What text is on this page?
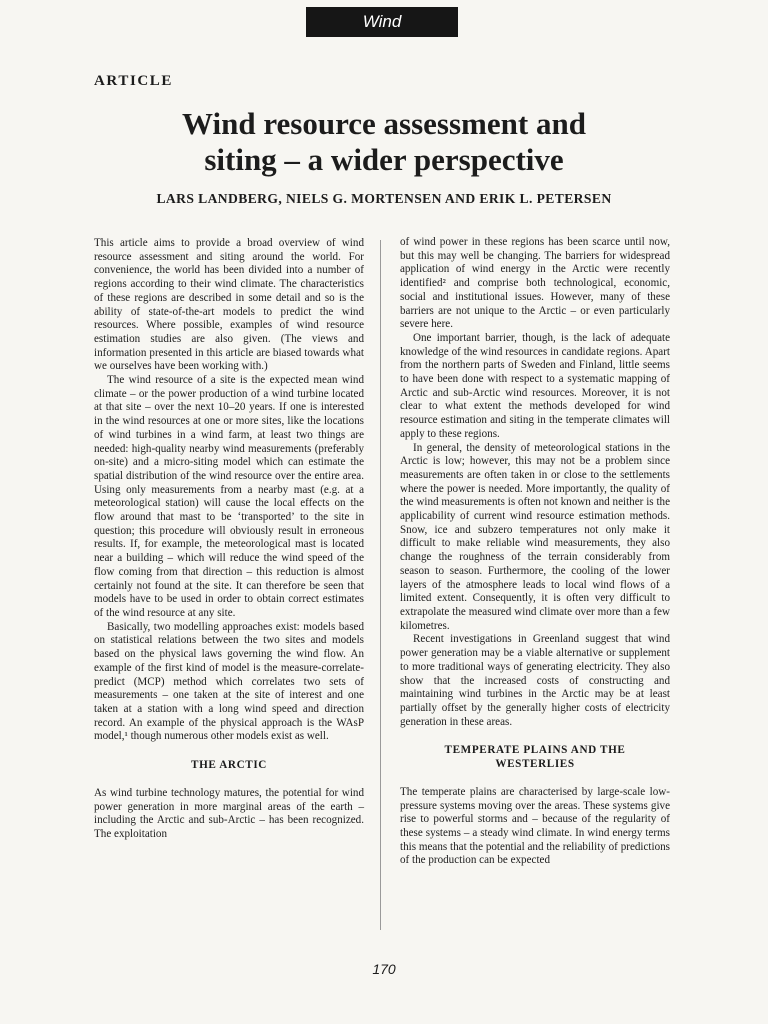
Wind
ARTICLE
Wind resource assessment and
siting – a wider perspective
LARS LANDBERG, NIELS G. MORTENSEN AND ERIK L. PETERSEN

This article aims to provide a broad overview of wind resource assessment and siting around the world. For convenience, the world has been divided into a number of regions according to their wind climate. The characteristics of these regions are described in some detail and so is the ability of state-of-the-art models to predict the wind resources. Where possible, examples of wind resource estimation studies are also given. (The views and information presented in this article are biased towards what we ourselves have been working with.)

The wind resource of a site is the expected mean wind climate – or the power production of a wind turbine located at that site – over the next 10–20 years. If one is interested in the wind resources at one or more sites, like the locations of wind turbines in a wind farm, at least two things are needed: high-quality nearby wind measurements (preferably on-site) and a micro-siting model which can estimate the spatial distribution of the wind resource over the entire area. Using only measurements from a nearby mast (e.g. at a meteorological station) will cause the local effects on the flow around that mast to be ‘transported’ to the site in question; this procedure will obviously result in erroneous results. If, for example, the meteorological mast is located near a building – which will reduce the wind speed of the flow coming from that direction – this reduction is almost certainly not found at the site. It can therefore be seen that models have to be used in order to obtain correct estimates of the wind resource at any site.

Basically, two modelling approaches exist: models based on statistical relations between the two sites and models based on the physical laws governing the wind flow. An example of the first kind of model is the measure-correlate-predict (MCP) method which correlates two sets of measurements – one taken at the site of interest and one taken at a station with a long wind speed and direction record. An example of the physical approach is the WAsP model,¹ though numerous other models exist as well.

THE ARCTIC

As wind turbine technology matures, the potential for wind power generation in more marginal areas of the earth – including the Arctic and sub-Arctic – has been recognized. The exploitation

of wind power in these regions has been scarce until now, but this may well be changing. The barriers for widespread application of wind energy in the Arctic were recently identified² and comprise both technological, economic, social and institutional issues. However, many of these barriers are not unique to the Arctic – or even particularly severe here.

One important barrier, though, is the lack of adequate knowledge of the wind resources in candidate regions. Apart from the northern parts of Sweden and Finland, little seems to have been done with respect to a systematic mapping of Arctic and sub-Arctic wind resources. Moreover, it is not clear to what extent the methods developed for wind resource estimation and siting in the temperate climates will apply to these regions.

In general, the density of meteorological stations in the Arctic is low; however, this may not be a problem since measurements are often taken in or close to the settlements where the power is needed. More importantly, the quality of the wind measurements is often not known and neither is the applicability of current wind resource estimation methods. Snow, ice and subzero temperatures not only make it difficult to make reliable wind measurements, they also change the roughness of the terrain considerably from season to season. Furthermore, the cooling of the lower layers of the atmosphere leads to local wind flows of a limited extent. Consequently, it is often very difficult to extrapolate the measured wind climate over more than a few kilometres.

Recent investigations in Greenland suggest that wind power generation may be a viable alternative or supplement to more traditional ways of generating electricity. They also show that the increased costs of constructing and maintaining wind turbines in the Arctic may be at least partially offset by the generally higher costs of electricity generation in these areas.

TEMPERATE PLAINS AND THE
WESTERLIES

The temperate plains are characterised by large-scale low-pressure systems moving over the areas. These systems give rise to powerful storms and – because of the regularity of these systems – a steady wind climate. In wind energy terms this means that the potential and the reliability of predictions of the production can be expected

170
